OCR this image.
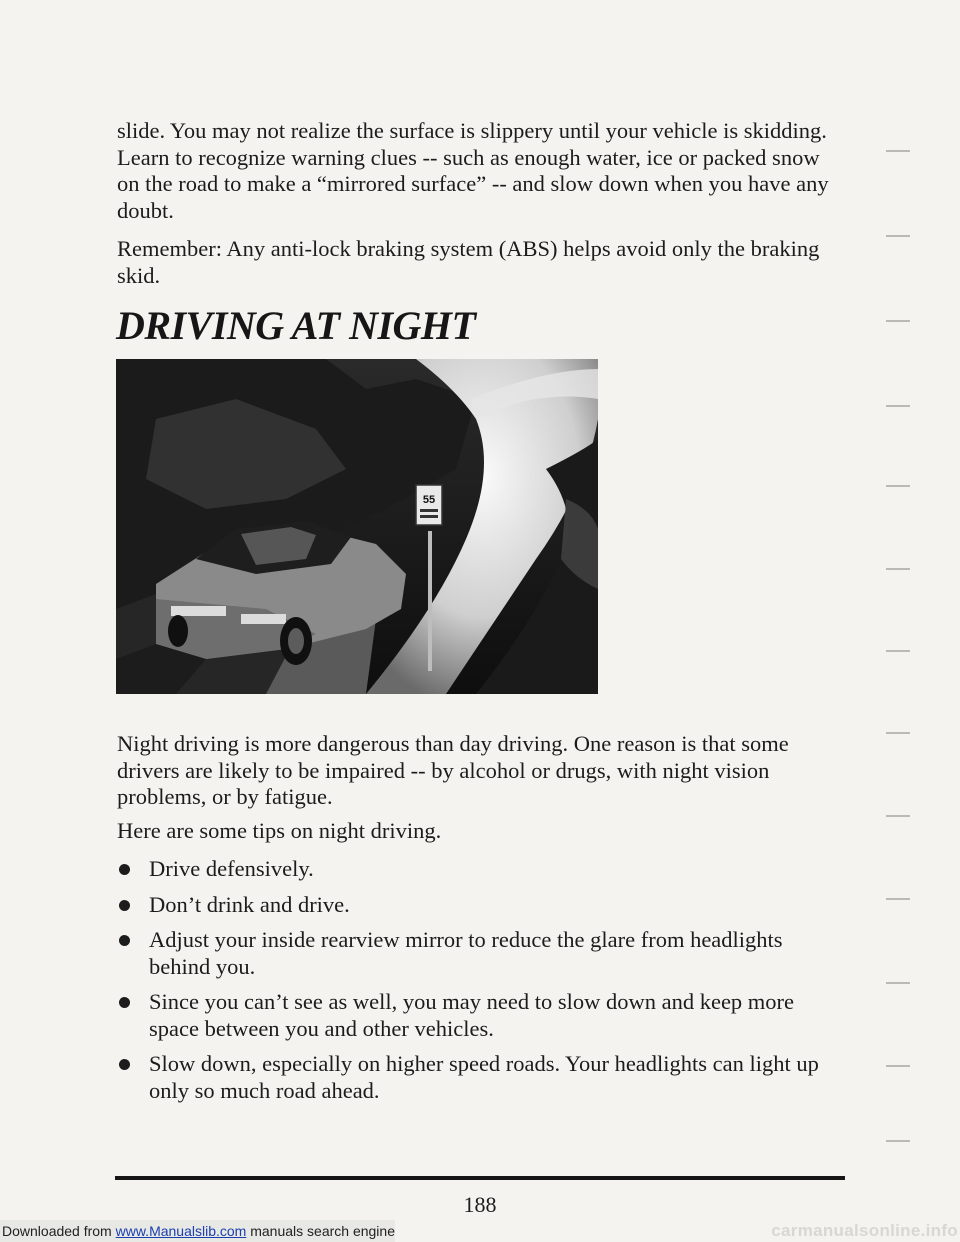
slide. You may not realize the surface is slippery until your vehicle is skidding. Learn to recognize warning clues -- such as enough water, ice or packed snow on the road to make a “mirrored surface” -- and slow down when you have any doubt.

Remember: Any anti-lock braking system (ABS) helps avoid only the braking skid.

DRIVING AT NIGHT
55

Night driving is more dangerous than day driving. One reason is that some drivers are likely to be impaired -- by alcohol or drugs, with night vision problems, or by fatigue.

Here are some tips on night driving.

Drive defensively.
Don’t drink and drive.
Adjust your inside rearview mirror to reduce the glare from headlights behind you.
Since you can’t see as well, you may need to slow down and keep more space between you and other vehicles.
Slow down, especially on higher speed roads. Your headlights can light up only so much road ahead.
188
Downloaded from www.Manualslib.com manuals search engine	carmanualsonline.info
